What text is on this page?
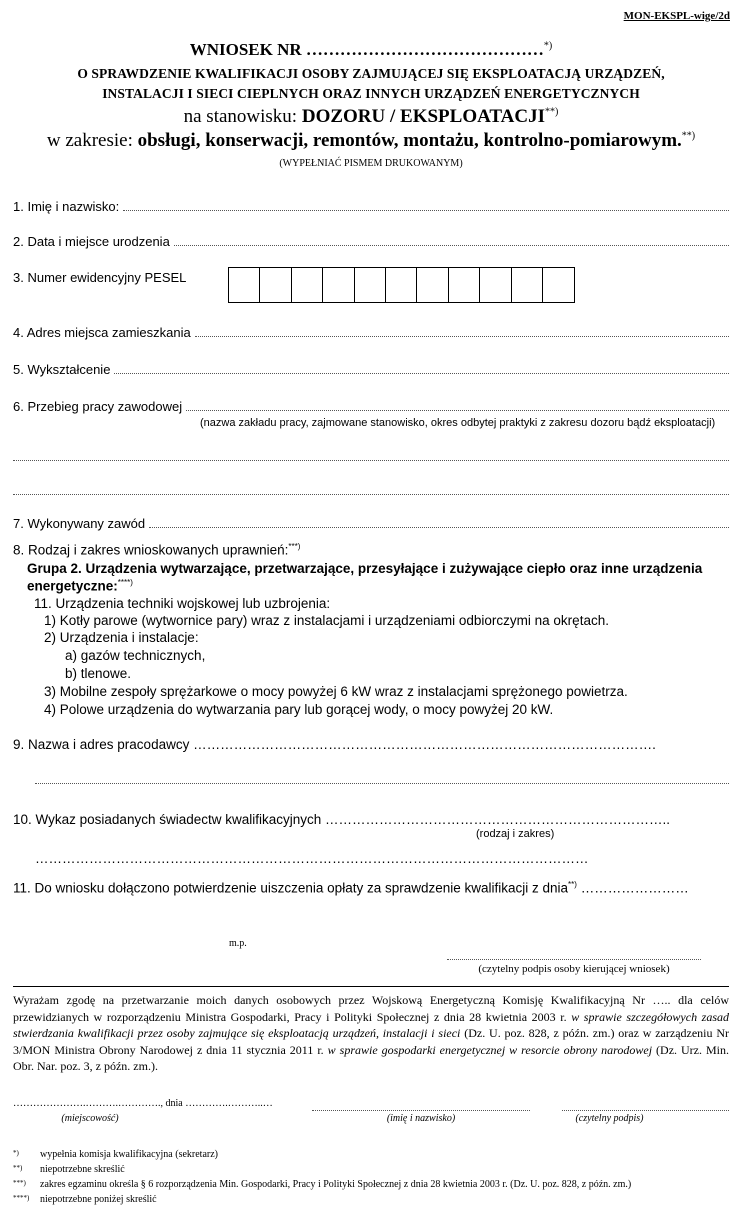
MON-EKSPL-wige/2d
WNIOSEK NR ……………………………………*)
O SPRAWDZENIE KWALIFIKACJI OSOBY ZAJMUJĄCEJ SIĘ EKSPLOATACJĄ URZĄDZEŃ,
INSTALACJI I SIECI CIEPLNYCH ORAZ INNYCH URZĄDZEŃ ENERGETYCZNYCH
na stanowisku: DOZORU / EKSPLOATACJI**)
w zakresie: obsługi, konserwacji, remontów, montażu, kontrolno-pomiarowym.**)
(WYPEŁNIAĆ PISMEM DRUKOWANYM)
1. Imię i nazwisko:
2. Data i miejsce urodzenia
3. Numer ewidencyjny PESEL
4. Adres miejsca zamieszkania
5. Wykształcenie
6. Przebieg pracy zawodowej
(nazwa zakładu pracy, zajmowane stanowisko, okres odbytej praktyki z zakresu dozoru bądź eksploatacji)
7. Wykonywany zawód
8. Rodzaj i zakres wnioskowanych uprawnień:***)
Grupa 2. Urządzenia wytwarzające, przetwarzające, przesyłające i zużywające ciepło oraz inne urządzenia
energetyczne:****)
11. Urządzenia techniki wojskowej lub uzbrojenia:
1) Kotły parowe (wytwornice pary) wraz z instalacjami i urządzeniami odbiorczymi na okrętach.
2) Urządzenia i instalacje:
a) gazów technicznych,
b) tlenowe.
3) Mobilne zespoły sprężarkowe o mocy powyżej 6 kW wraz z instalacjami sprężonego powietrza.
4) Polowe urządzenia do wytwarzania pary lub gorącej wody, o mocy powyżej 20 kW.
9. Nazwa i adres pracodawcy ………………………………………………………………………………………….
10. Wykaz posiadanych świadectw kwalifikacyjnych …………………………………………………………………..
(rodzaj i zakres)
……………………………………………………………………………………………………………
11. Do wniosku dołączono potwierdzenie uiszczenia opłaty za sprawdzenie kwalifikacji z dnia**) ……………………
m.p.
(czytelny podpis osoby kierującej wniosek)
Wyrażam zgodę na przetwarzanie moich danych osobowych przez Wojskową Energetyczną Komisję Kwalifikacyjną Nr ….. dla celów przewidzianych w rozporządzeniu Ministra Gospodarki, Pracy i Polityki Społecznej z dnia 28 kwietnia 2003 r. w sprawie szczegółowych zasad stwierdzania kwalifikacji przez osoby zajmujące się eksploatacją urządzeń, instalacji i sieci (Dz. U. poz. 828, z późn. zm.) oraz w zarządzeniu Nr 3/MON Ministra Obrony Narodowej z dnia 11 stycznia 2011 r. w sprawie gospodarki energetycznej w resorcie obrony narodowej (Dz. Urz. Min. Obr. Nar. poz. 3, z późn. zm.).
………………….……….…………., dnia ………….………..…
(miejscowość)	(imię i nazwisko)	(czytelny podpis)
*) wypełnia komisja kwalifikacyjna (sekretarz)
**) niepotrzebne skreślić
***) zakres egzaminu określa § 6 rozporządzenia Min. Gospodarki, Pracy i Polityki Społecznej z dnia 28 kwietnia 2003 r. (Dz. U. poz. 828, z późn. zm.)
****) niepotrzebne poniżej skreślić
